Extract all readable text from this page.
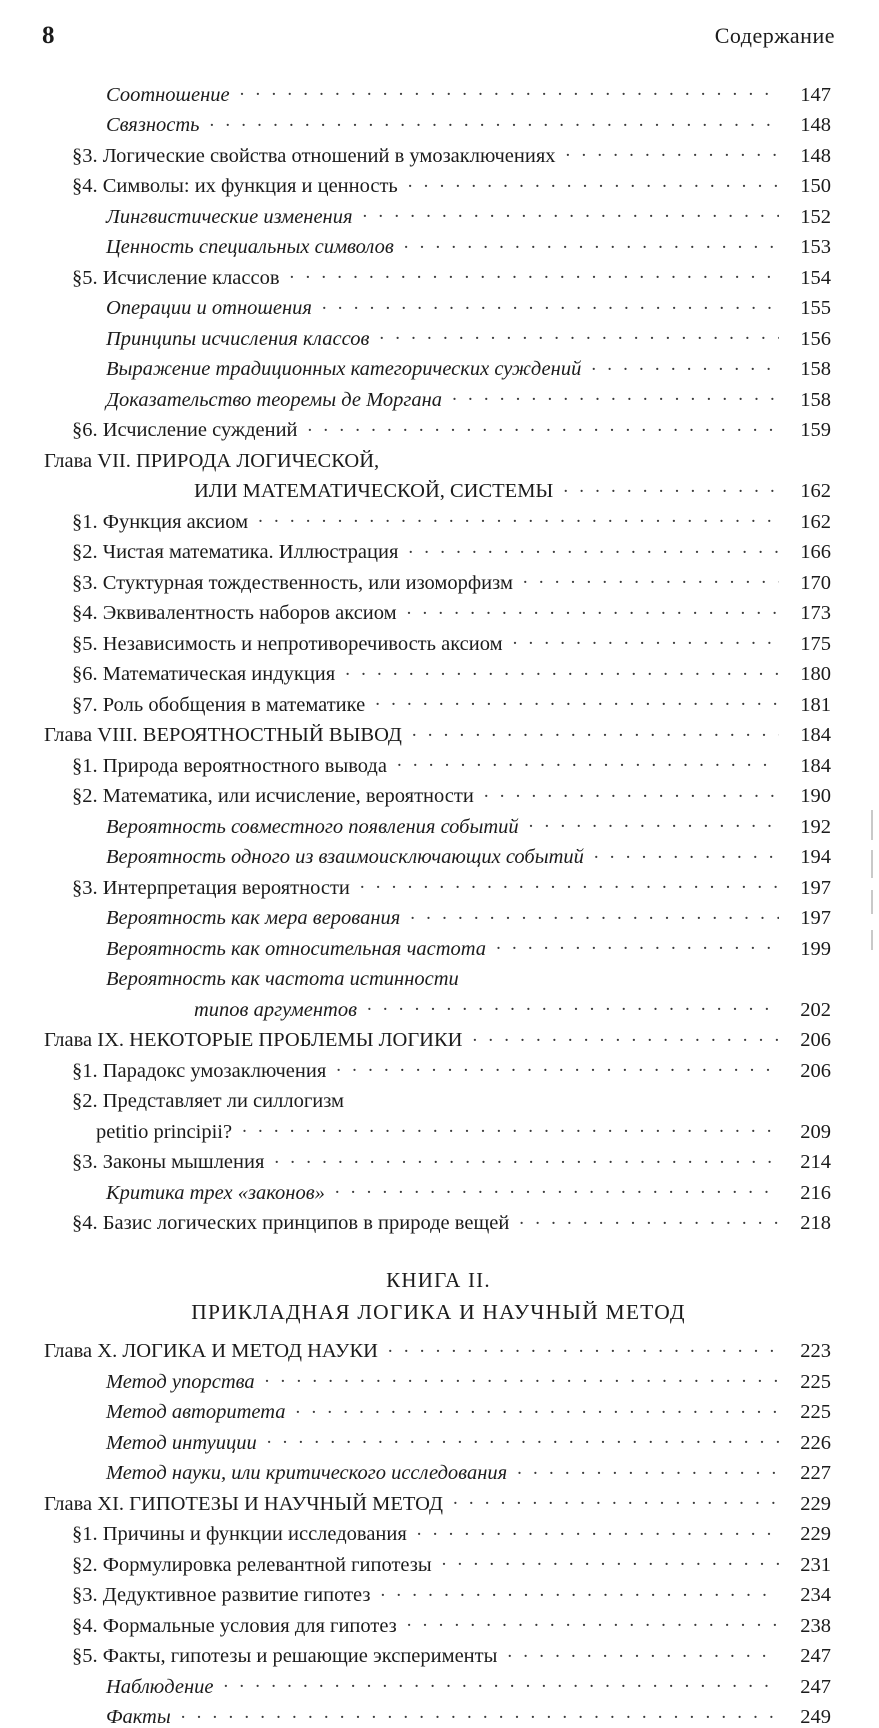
8	Содержание
Соотношение . . .	147
Связность . . .	148
§3. Логические свойства отношений в умозаключениях . . .	148
§4. Символы: их функция и ценность . . .	150
Лингвистические изменения . . .	152
Ценность специальных символов . . .	153
§5. Исчисление классов . . .	154
Операции и отношения . . .	155
Принципы исчисления классов . . .	156
Выражение традиционных категорических суждений . . .	158
Доказательство теоремы де Моргана . . .	158
§6. Исчисление суждений . . .	159
Глава VII. ПРИРОДА ЛОГИЧЕСКОЙ,
ИЛИ МАТЕМАТИЧЕСКОЙ, СИСТЕМЫ . . .	162
§1. Функция аксиом . . .	162
§2. Чистая математика. Иллюстрация . . .	166
§3. Стуктурная тождественность, или изоморфизм . . .	170
§4. Эквивалентность наборов аксиом . . .	173
§5. Независимость и непротиворечивость аксиом . . .	175
§6. Математическая индукция . . .	180
§7. Роль обобщения в математике . . .	181
Глава VIII. ВЕРОЯТНОСТНЫЙ ВЫВОД . . .	184
§1. Природа вероятностного вывода . . .	184
§2. Математика, или исчисление, вероятности . . .	190
Вероятность совместного появления событий . . .	192
Вероятность одного из взаимоисключающих событий . . .	194
§3. Интерпретация вероятности . . .	197
Вероятность как мера верования . . .	197
Вероятность как относительная частота . . .	199
Вероятность как частота истинности
типов аргументов . . .	202
Глава IX. НЕКОТОРЫЕ ПРОБЛЕМЫ ЛОГИКИ . . .	206
§1. Парадокс умозаключения . . .	206
§2. Представляет ли силлогизм
petitio principii? . . .	209
§3. Законы мышления . . .	214
Критика трех «законов» . . .	216
§4. Базис логических принципов в природе вещей . . .	218
КНИГА II.
ПРИКЛАДНАЯ ЛОГИКА И НАУЧНЫЙ МЕТОД
Глава X. ЛОГИКА И МЕТОД НАУКИ . . .	223
Метод упорства . . .	225
Метод авторитета . . .	225
Метод интуиции . . .	226
Метод науки, или критического исследования . . .	227
Глава XI. ГИПОТЕЗЫ И НАУЧНЫЙ МЕТОД . . .	229
§1. Причины и функции исследования . . .	229
§2. Формулировка релевантной гипотезы . . .	231
§3. Дедуктивное развитие гипотез . . .	234
§4. Формальные условия для гипотез . . .	238
§5. Факты, гипотезы и решающие эксперименты . . .	247
Наблюдение . . .	247
Факты . . .	249
